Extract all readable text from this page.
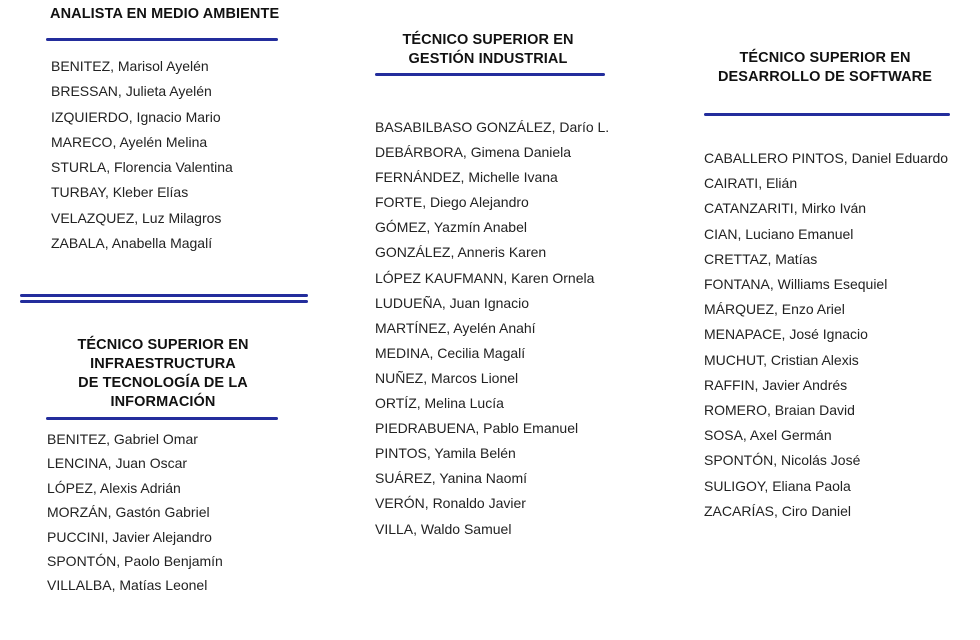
ANALISTA EN MEDIO AMBIENTE
BENITEZ, Marisol Ayelén
BRESSAN, Julieta Ayelén
IZQUIERDO, Ignacio Mario
MARECO, Ayelén Melina
STURLA, Florencia Valentina
TURBAY, Kleber Elías
VELAZQUEZ, Luz Milagros
ZABALA, Anabella Magalí
TÉCNICO SUPERIOR EN
INFRAESTRUCTURA
DE TECNOLOGÍA DE LA
INFORMACIÓN
BENITEZ, Gabriel Omar
LENCINA, Juan Oscar
LÓPEZ, Alexis Adrián
MORZÁN, Gastón Gabriel
PUCCINI, Javier Alejandro
SPONTÓN, Paolo Benjamín
VILLALBA, Matías Leonel
TÉCNICO SUPERIOR EN
GESTIÓN INDUSTRIAL
BASABILBASO GONZÁLEZ, Darío L.
DEBÁRBORA, Gimena Daniela
FERNÁNDEZ, Michelle Ivana
FORTE, Diego Alejandro
GÓMEZ, Yazmín Anabel
GONZÁLEZ, Anneris Karen
LÓPEZ KAUFMANN, Karen Ornela
LUDUEÑA, Juan Ignacio
MARTÍNEZ, Ayelén Anahí
MEDINA, Cecilia Magalí
NUÑEZ, Marcos Lionel
ORTÍZ, Melina Lucía
PIEDRABUENA, Pablo Emanuel
PINTOS, Yamila Belén
SUÁREZ, Yanina Naomí
VERÓN, Ronaldo Javier
VILLA, Waldo Samuel
TÉCNICO SUPERIOR EN
DESARROLLO DE SOFTWARE
CABALLERO PINTOS, Daniel Eduardo
CAIRATI, Elián
CATANZARITI, Mirko Iván
CIAN, Luciano Emanuel
CRETTAZ, Matías
FONTANA, Williams Esequiel
MÁRQUEZ, Enzo Ariel
MENAPACE, José Ignacio
MUCHUT, Cristian Alexis
RAFFIN, Javier Andrés
ROMERO, Braian David
SOSA, Axel Germán
SPONTÓN, Nicolás José
SULIGOY, Eliana Paola
ZACARÍAS, Ciro Daniel
